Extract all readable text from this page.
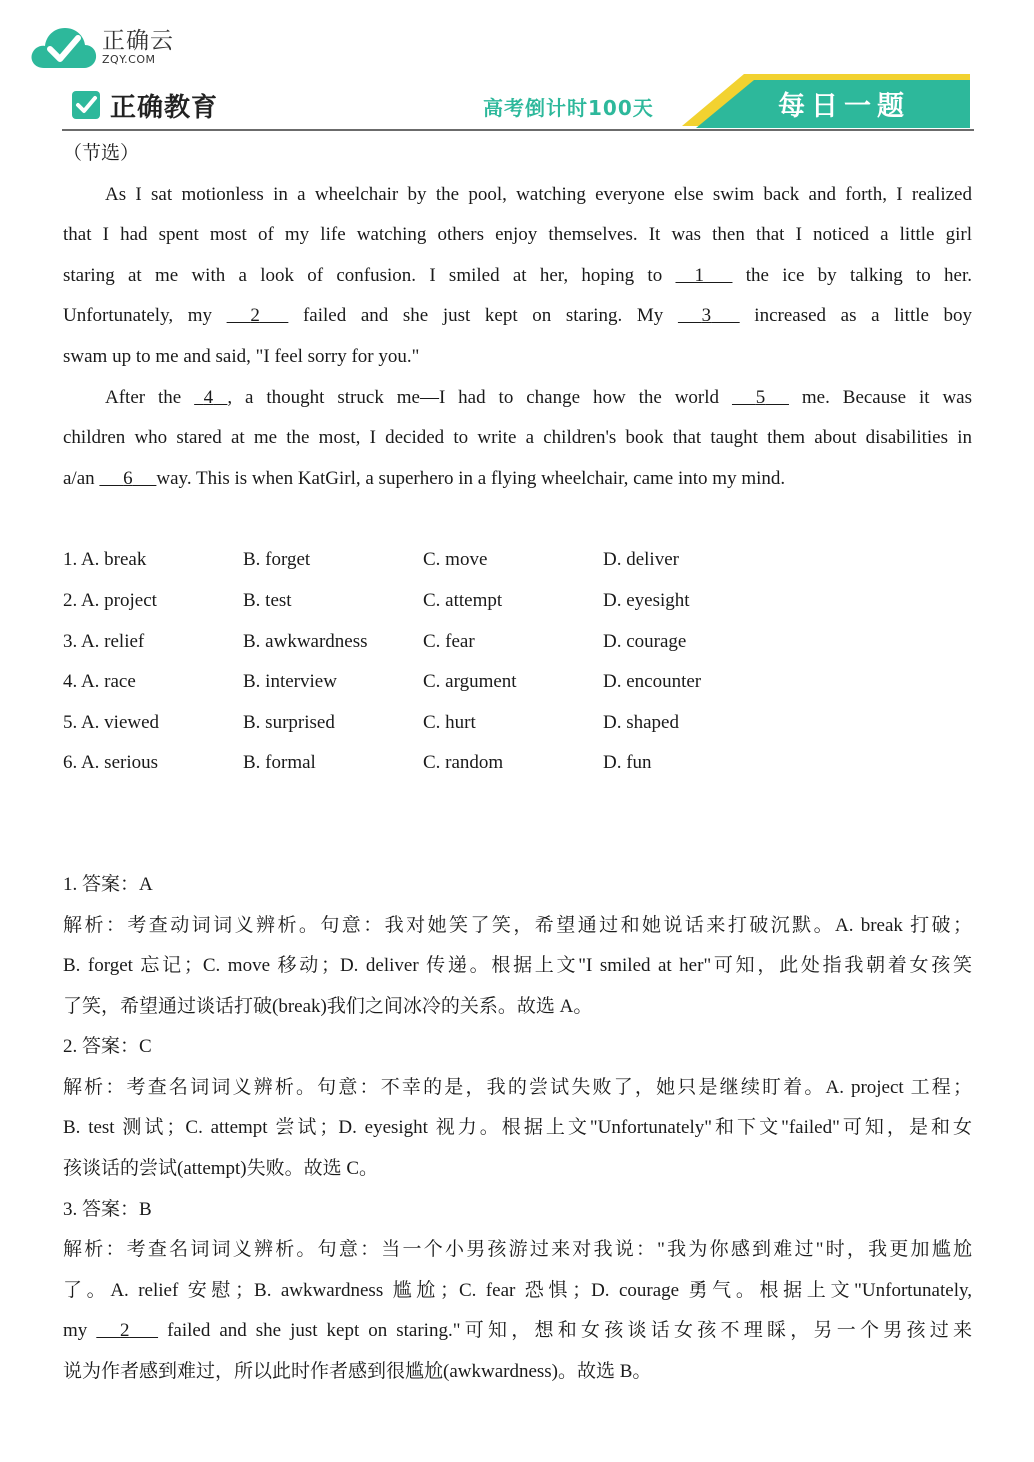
正确云
ZQY.COM
正确教育	高考倒计时100天	每日一题
（节选）
As I sat motionless in a wheelchair by the pool, watching everyone else swim back and forth, I realized
that I had spent most of my life watching others enjoy themselves. It was then that I noticed a little girl
staring at me with a look of confusion. I smiled at her, hoping to 1 the ice by talking to her.
Unfortunately, my 2 failed and she just kept on staring. My 3 increased as a little boy
swam up to me and said, "I feel sorry for you."
After the 4 , a thought struck me—I had to change how the world 5 me. Because it was
children who stared at me the most, I decided to write a children's book that taught them about disabilities in
a/an 6 way. This is when KatGirl, a superhero in a flying wheelchair, came into my mind.
1. A. break	B. forget	C. move	D. deliver
2. A. project	B. test	C. attempt	D. eyesight
3. A. relief	B. awkwardness	C. fear	D. courage
4. A. race	B. interview	C. argument	D. encounter
5. A. viewed	B. surprised	C. hurt	D. shaped
6. A. serious	B. formal	C. random	D. fun
1. 答案：A
解析：考查动词词义辨析。句意：我对她笑了笑，希望通过和她说话来打破沉默。A. break 打破；
B. forget 忘记；C. move 移动；D. deliver 传递。根据上文"I smiled at her"可知，此处指我朝着女孩笑
了笑，希望通过谈话打破(break)我们之间冰冷的关系。故选 A。
2. 答案：C
解析：考查名词词义辨析。句意：不幸的是，我的尝试失败了，她只是继续盯着。A. project 工程；
B. test 测试；C. attempt 尝试；D. eyesight 视力。根据上文"Unfortunately"和下文"failed"可知，是和女
孩谈话的尝试(attempt)失败。故选 C。
3. 答案：B
解析：考查名词词义辨析。句意：当一个小男孩游过来对我说："我为你感到难过"时，我更加尴尬
了。A. relief 安慰；B. awkwardness 尴尬；C. fear 恐惧；D. courage 勇气。根据上文"Unfortunately,
my 2 failed and she just kept on staring."可知，想和女孩谈话女孩不理睬，另一个男孩过来
说为作者感到难过，所以此时作者感到很尴尬(awkwardness)。故选 B。
